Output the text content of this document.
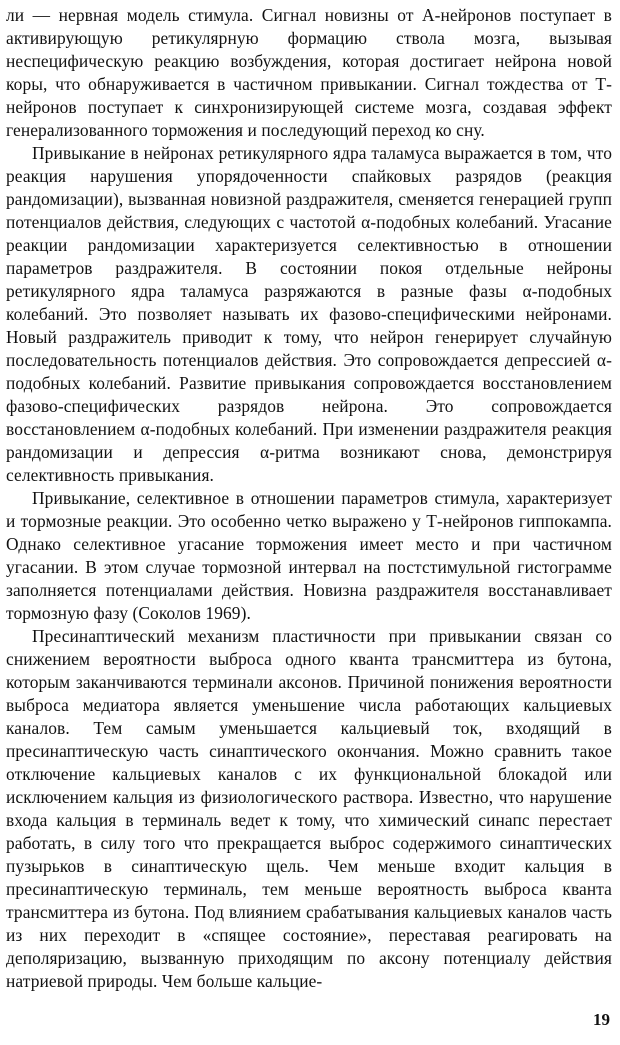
ли — нервная модель стимула. Сигнал новизны от А-нейронов поступает в активирующую ретикулярную формацию ствола мозга, вызывая неспецифическую реакцию возбуждения, которая достигает нейрона новой коры, что обнаруживается в частичном привыкании. Сигнал тождества от Т-нейронов поступает к синхронизирующей системе мозга, создавая эффект генерализованного торможения и последующий переход ко сну.

Привыкание в нейронах ретикулярного ядра таламуса выражается в том, что реакция нарушения упорядоченности спайковых разрядов (реакция рандомизации), вызванная новизной раздражителя, сменяется генерацией групп потенциалов действия, следующих с частотой α-подобных колебаний. Угасание реакции рандомизации характеризуется селективностью в отношении параметров раздражителя. В состоянии покоя отдельные нейроны ретикулярного ядра таламуса разряжаются в разные фазы α-подобных колебаний. Это позволяет называть их фазово-специфическими нейронами. Новый раздражитель приводит к тому, что нейрон генерирует случайную последовательность потенциалов действия. Это сопровождается депрессией α-подобных колебаний. Развитие привыкания сопровождается восстановлением фазово-специфических разрядов нейрона. Это сопровождается восстановлением α-подобных колебаний. При изменении раздражителя реакция рандомизации и депрессия α-ритма возникают снова, демонстрируя селективность привыкания.

Привыкание, селективное в отношении параметров стимула, характеризует и тормозные реакции. Это особенно четко выражено у Т-нейронов гиппокампа. Однако селективное угасание торможения имеет место и при частичном угасании. В этом случае тормозной интервал на постстимульной гистограмме заполняется потенциалами действия. Новизна раздражителя восстанавливает тормозную фазу (Соколов 1969).

Пресинаптический механизм пластичности при привыкании связан со снижением вероятности выброса одного кванта трансмиттера из бутона, которым заканчиваются терминали аксонов. Причиной понижения вероятности выброса медиатора является уменьшение числа работающих кальциевых каналов. Тем самым уменьшается кальциевый ток, входящий в пресинаптическую часть синаптического окончания. Можно сравнить такое отключение кальциевых каналов с их функциональной блокадой или исключением кальция из физиологического раствора. Известно, что нарушение входа кальция в терминаль ведет к тому, что химический синапс перестает работать, в силу того что прекращается выброс содержимого синаптических пузырьков в синаптическую щель. Чем меньше входит кальция в пресинаптическую терминаль, тем меньше вероятность выброса кванта трансмиттера из бутона. Под влиянием срабатывания кальциевых каналов часть из них переходит в «спящее состояние», переставая реагировать на деполяризацию, вызванную приходящим по аксону потенциалу действия натриевой природы. Чем больше кальцие-

19
